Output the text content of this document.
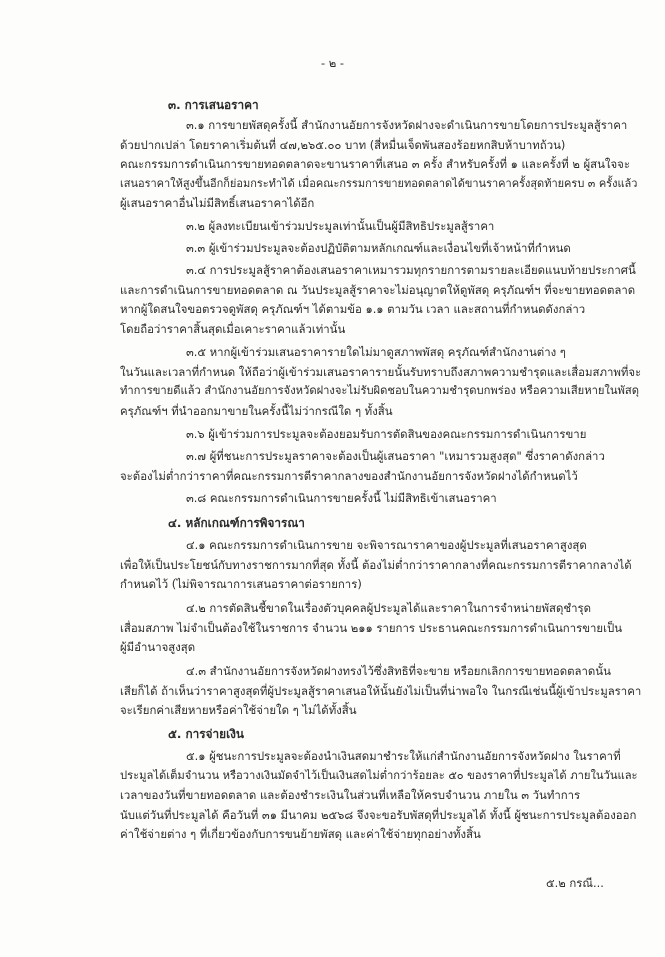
- ๒ -
๓. การเสนอราคา
๓.๑ การขายพัสดุครั้งนี้ สำนักงานอัยการจังหวัดฝางจะดำเนินการขายโดยการประมูลสู้ราคา
ด้วยปากเปล่า โดยราคาเริ่มต้นที่ ๔๗,๒๖๕.๐๐ บาท (สี่หมื่นเจ็ดพันสองร้อยหกสิบห้าบาทถ้วน)
คณะกรรมการดำเนินการขายทอดตลาดจะขานราคาที่เสนอ ๓ ครั้ง สำหรับครั้งที่ ๑ และครั้งที่ ๒ ผู้สนใจจะ
เสนอราคาให้สูงขึ้นอีกก็ย่อมกระทำได้ เมื่อคณะกรรมการขายทอดตลาดได้ขานราคาครั้งสุดท้ายครบ ๓ ครั้งแล้ว
ผู้เสนอราคาอื่นไม่มีสิทธิ์เสนอราคาได้อีก
๓.๒ ผู้ลงทะเบียนเข้าร่วมประมูลเท่านั้นเป็นผู้มีสิทธิประมูลสู้ราคา
๓.๓ ผู้เข้าร่วมประมูลจะต้องปฏิบัติตามหลักเกณฑ์และเงื่อนไขที่เจ้าหน้าที่กำหนด
๓.๔ การประมูลสู้ราคาต้องเสนอราคาเหมารวมทุกรายการตามรายละเอียดแนบท้ายประกาศนี้
และการดำเนินการขายทอดตลาด ณ วันประมูลสู้ราคาจะไม่อนุญาตให้ดูพัสดุ ครุภัณฑ์ฯ ที่จะขายทอดตลาด
หากผู้ใดสนใจขอตรวจดูพัสดุ ครุภัณฑ์ฯ ได้ตามข้อ ๑.๑ ตามวัน เวลา และสถานที่กำหนดดังกล่าว
โดยถือว่าราคาสิ้นสุดเมื่อเคาะราคาแล้วเท่านั้น
๓.๕ หากผู้เข้าร่วมเสนอราคารายใดไม่มาดูสภาพพัสดุ ครุภัณฑ์สำนักงานต่าง ๆ
ในวันและเวลาที่กำหนด ให้ถือว่าผู้เข้าร่วมเสนอราคารายนั้นรับทราบถึงสภาพความชำรุดและเสื่อมสภาพที่จะ
ทำการขายดีแล้ว สำนักงานอัยการจังหวัดฝางจะไม่รับผิดชอบในความชำรุดบกพร่อง หรือความเสียหายในพัสดุ
ครุภัณฑ์ฯ ที่นำออกมาขายในครั้งนี้ไม่ว่ากรณีใด ๆ ทั้งสิ้น
๓.๖ ผู้เข้าร่วมการประมูลจะต้องยอมรับการตัดสินของคณะกรรมการดำเนินการขาย
๓.๗ ผู้ที่ชนะการประมูลราคาจะต้องเป็นผู้เสนอราคา "เหมารวมสูงสุด" ซึ่งราคาดังกล่าว
จะต้องไม่ต่ำกว่าราคาที่คณะกรรมการตีราคากลางของสำนักงานอัยการจังหวัดฝางได้กำหนดไว้
๓.๘ คณะกรรมการดำเนินการขายครั้งนี้ ไม่มีสิทธิเข้าเสนอราคา
๔. หลักเกณฑ์การพิจารณา
๔.๑ คณะกรรมการดำเนินการขาย จะพิจารณาราคาของผู้ประมูลที่เสนอราคาสูงสุด
เพื่อให้เป็นประโยชน์กับทางราชการมากที่สุด ทั้งนี้ ต้องไม่ต่ำกว่าราคากลางที่คณะกรรมการตีราคากลางได้
กำหนดไว้ (ไม่พิจารณาการเสนอราคาต่อรายการ)
๔.๒ การตัดสินชี้ขาดในเรื่องตัวบุคคลผู้ประมูลได้และราคาในการจำหน่ายพัสดุชำรุด
เสื่อมสภาพ ไม่จำเป็นต้องใช้ในราชการ จำนวน ๒๑๑ รายการ ประธานคณะกรรมการดำเนินการขายเป็น
ผู้มีอำนาจสูงสุด
๔.๓ สำนักงานอัยการจังหวัดฝางทรงไว้ซึ่งสิทธิที่จะขาย หรือยกเลิกการขายทอดตลาดนั้น
เสียก็ได้ ถ้าเห็นว่าราคาสูงสุดที่ผู้ประมูลสู้ราคาเสนอให้นั้นยังไม่เป็นที่น่าพอใจ ในกรณีเช่นนี้ผู้เข้าประมูลราคา
จะเรียกค่าเสียหายหรือค่าใช้จ่ายใด ๆ ไม่ได้ทั้งสิ้น
๕. การจ่ายเงิน
๕.๑ ผู้ชนะการประมูลจะต้องนำเงินสดมาชำระให้แก่สำนักงานอัยการจังหวัดฝาง ในราคาที่
ประมูลได้เต็มจำนวน หรือวางเงินมัดจำไว้เป็นเงินสดไม่ต่ำกว่าร้อยละ ๕๐ ของราคาที่ประมูลได้ ภายในวันและ
เวลาของวันที่ขายทอดตลาด และต้องชำระเงินในส่วนที่เหลือให้ครบจำนวน ภายใน ๓ วันทำการ
นับแต่วันที่ประมูลได้ คือวันที่ ๓๑ มีนาคม ๒๕๖๘ จึงจะขอรับพัสดุที่ประมูลได้ ทั้งนี้ ผู้ชนะการประมูลต้องออก
ค่าใช้จ่ายต่าง ๆ ที่เกี่ยวข้องกับการขนย้ายพัสดุ และค่าใช้จ่ายทุกอย่างทั้งสิ้น
๕.๒ กรณี...
